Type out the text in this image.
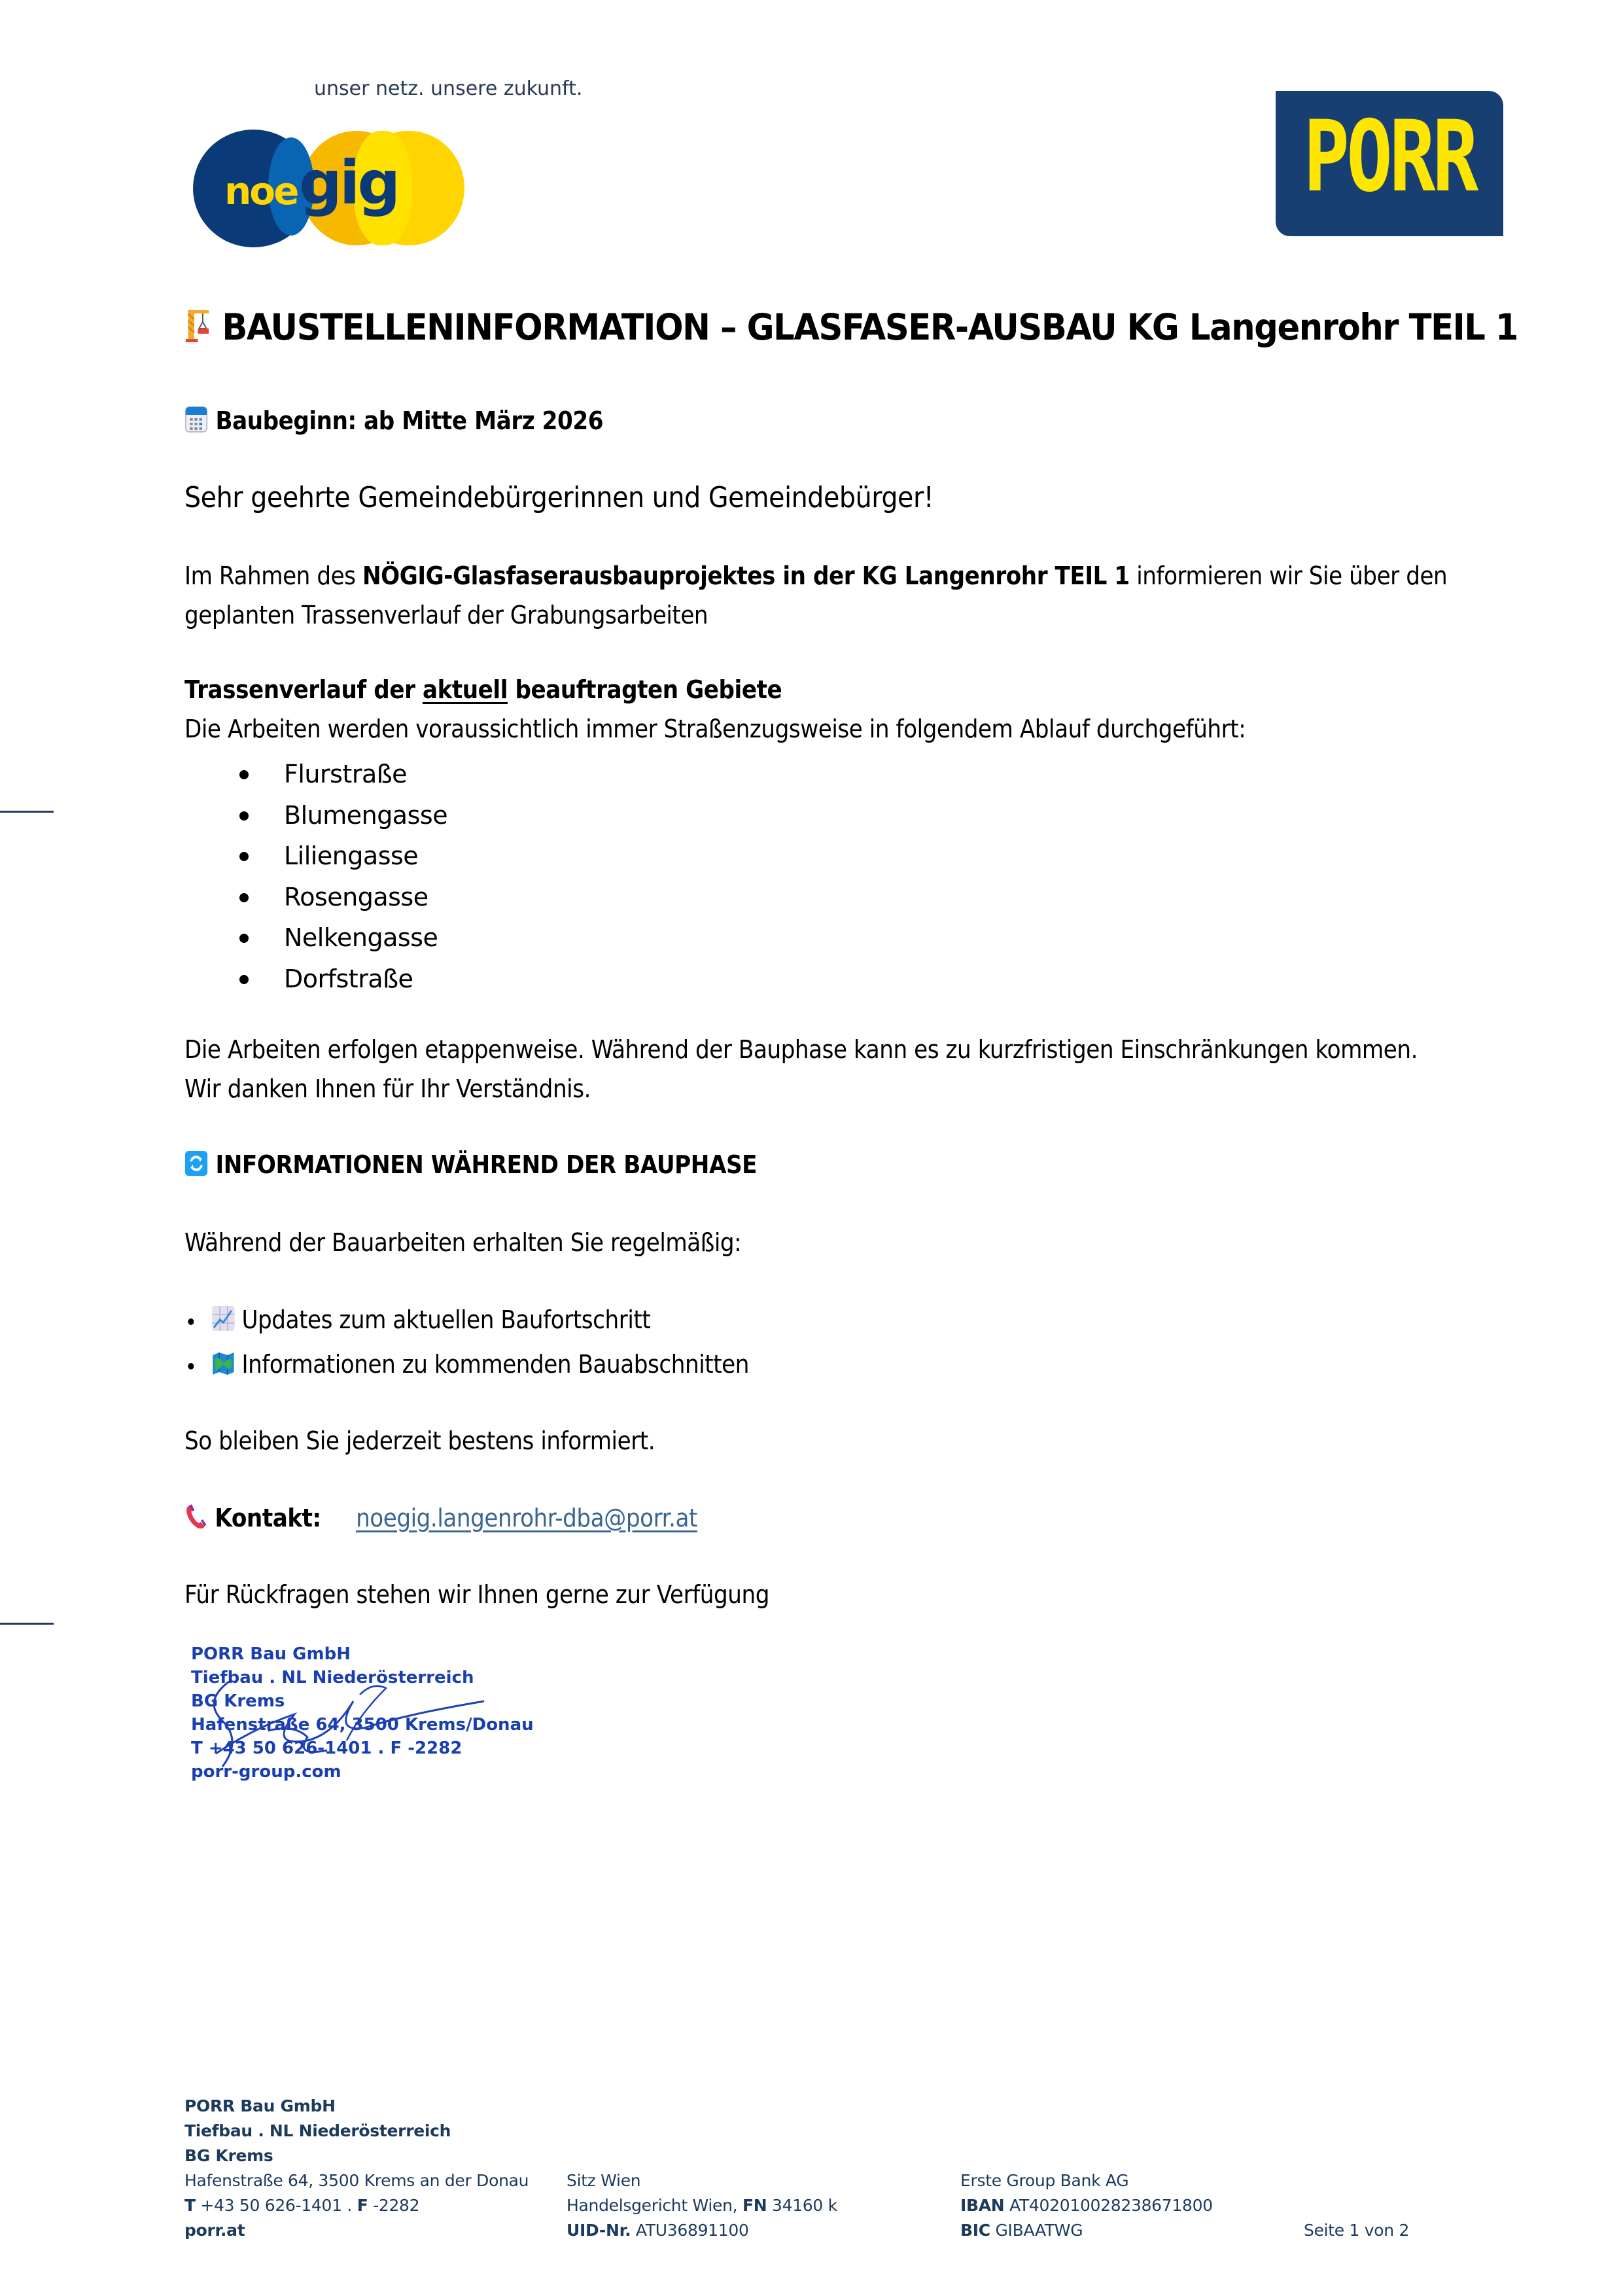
noe gig
unser netz. unsere zukunft.
PORR
BAUSTELLENINFORMATION – GLASFASER-AUSBAU KG Langenrohr TEIL 1
Baubeginn: ab Mitte März 2026
Sehr geehrte Gemeindebürgerinnen und Gemeindebürger!
Im Rahmen des NÖGIG-Glasfaserausbauprojektes in der KG Langenrohr TEIL 1 informieren wir Sie über den
geplanten Trassenverlauf der Grabungsarbeiten
Trassenverlauf der aktuell beauftragten Gebiete
Die Arbeiten werden voraussichtlich immer Straßenzugsweise in folgendem Ablauf durchgeführt:
Flurstraße
Blumengasse
Liliengasse
Rosengasse
Nelkengasse
Dorfstraße
Die Arbeiten erfolgen etappenweise. Während der Bauphase kann es zu kurzfristigen Einschränkungen kommen.
Wir danken Ihnen für Ihr Verständnis.
INFORMATIONEN WÄHREND DER BAUPHASE
Während der Bauarbeiten erhalten Sie regelmäßig:
Updates zum aktuellen Baufortschritt
Informationen zu kommenden Bauabschnitten
So bleiben Sie jederzeit bestens informiert.
Kontakt: noegig.langenrohr-dba@porr.at
Für Rückfragen stehen wir Ihnen gerne zur Verfügung
PORR Bau GmbH
Tiefbau . NL Niederösterreich
BG Krems
Hafenstraße 64, 3500 Krems/Donau
T +43 50 626-1401 . F -2282
porr-group.com
PORR Bau GmbH
Tiefbau . NL Niederösterreich
BG Krems
Hafenstraße 64, 3500 Krems an der Donau
T +43 50 626-1401 . F -2282
porr.at
Sitz Wien
Handelsgericht Wien, FN 34160 k
UID-Nr. ATU36891100
Erste Group Bank AG
IBAN AT402010028238671800
BIC GIBAATWG	Seite 1 von 2
